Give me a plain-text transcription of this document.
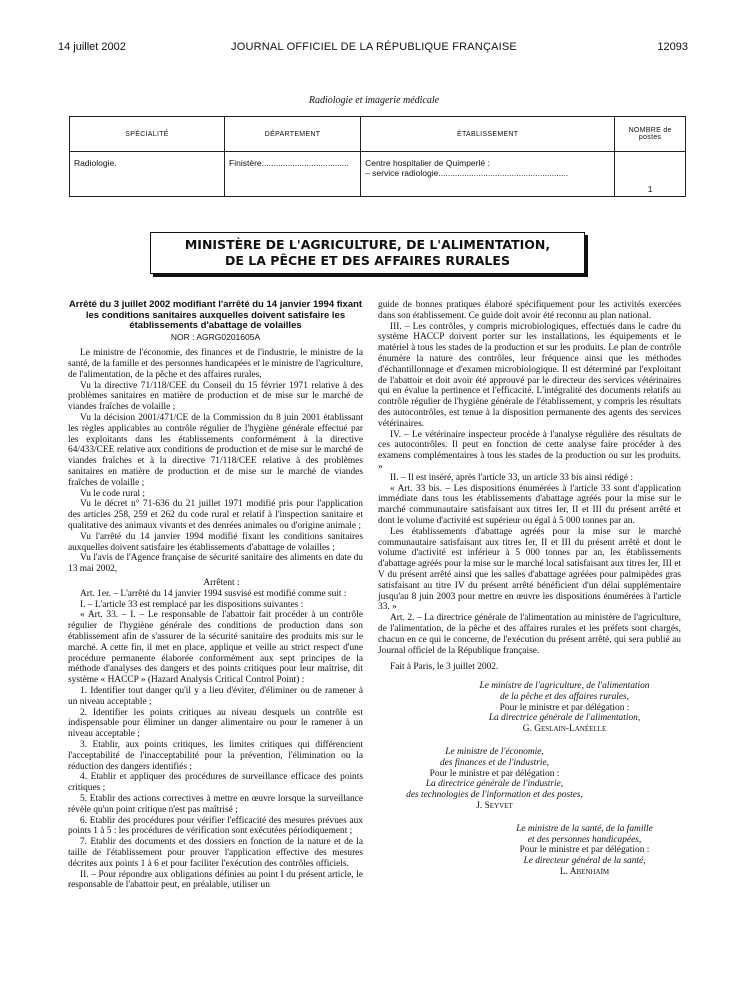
14 juillet 2002	JOURNAL OFFICIEL DE LA RÉPUBLIQUE FRANÇAISE	12093
Radiologie et imagerie médicale
SPÉCIALITÉ	DÉPARTEMENT	ÉTABLISSEMENT	NOMBRE de postes
Radiologie.	Finistère.....................................	Centre hospitalier de Quimperlé :
– service radiologie.......................................................	1
MINISTÈRE DE L'AGRICULTURE, DE L'ALIMENTATION,
DE LA PÊCHE ET DES AFFAIRES RURALES
Arrêté du 3 juillet 2002 modifiant l'arrêté du 14 janvier 1994 fixant les conditions sanitaires auxquelles doivent satisfaire les établissements d'abattage de volailles
NOR : AGRG0201605A

Le ministre de l'économie, des finances et de l'industrie, le ministre de la santé, de la famille et des personnes handicapées et le ministre de l'agriculture, de l'alimentation, de la pêche et des affaires rurales,

Vu la directive 71/118/CEE du Conseil du 15 février 1971 relative à des problèmes sanitaires en matière de production et de mise sur le marché de viandes fraîches de volaille ;

Vu la décision 2001/471/CE de la Commission du 8 juin 2001 établissant les règles applicables au contrôle régulier de l'hygiène générale effectué par les exploitants dans les établissements conformément à la directive 64/433/CEE relative aux conditions de production et de mise sur le marché de viandes fraîches et à la directive 71/118/CEE relative à des problèmes sanitaires en matière de production et de mise sur le marché de viandes fraîches de volaille ;

Vu le code rural ;

Vu le décret n° 71-636 du 21 juillet 1971 modifié pris pour l'application des articles 258, 259 et 262 du code rural et relatif à l'inspection sanitaire et qualitative des animaux vivants et des denrées animales ou d'origine animale ;

Vu l'arrêté du 14 janvier 1994 modifié fixant les conditions sanitaires auxquelles doivent satisfaire les établissements d'abattage de volailles ;

Vu l'avis de l'Agence française de sécurité sanitaire des aliments en date du 13 mai 2002,

Arrêtent :

Art. 1er. – L'arrêté du 14 janvier 1994 susvisé est modifié comme suit :

I. – L'article 33 est remplacé par les dispositions suivantes :

« Art. 33. – I. – Le responsable de l'abattoir fait procéder à un contrôle régulier de l'hygiène générale des conditions de production dans son établissement afin de s'assurer de la sécurité sanitaire des produits mis sur le marché. A cette fin, il met en place, applique et veille au strict respect d'une procédure permanente élaborée conformément aux sept principes de la méthode d'analyses des dangers et des points critiques pour leur maîtrise, dit système « HACCP » (Hazard Analysis Critical Control Point) :

1. Identifier tout danger qu'il y a lieu d'éviter, d'éliminer ou de ramener à un niveau acceptable ;

2. Identifier les points critiques au niveau desquels un contrôle est indispensable pour éliminer un danger alimentaire ou pour le ramener à un niveau acceptable ;

3. Etablir, aux points critiques, les limites critiques qui différencient l'acceptabilité de l'inacceptabilité pour la prévention, l'élimination ou la réduction des dangers identifiés ;

4. Etablir et appliquer des procédures de surveillance efficace des points critiques ;

5. Etablir des actions correctives à mettre en œuvre lorsque la surveillance révèle qu'un point critique n'est pas maîtrisé ;

6. Etablir des procédures pour vérifier l'efficacité des mesures prévues aux points 1 à 5 : les procédures de vérification sont exécutées périodiquement ;

7. Etablir des documents et des dossiers en fonction de la nature et de la taille de l'établissement pour prouver l'application effective des mesures décrites aux points 1 à 6 et pour faciliter l'exécution des contrôles officiels.

II. – Pour répondre aux obligations définies au point I du présent article, le responsable de l'abattoir peut, en préalable, utiliser un

guide de bonnes pratiques élaboré spécifiquement pour les activités exercées dans son établissement. Ce guide doit avoir été reconnu au plan national.

III. – Les contrôles, y compris microbiologiques, effectués dans le cadre du système HACCP doivent porter sur les installations, les équipements et le matériel à tous les stades de la production et sur les produits. Le plan de contrôle énumère la nature des contrôles, leur fréquence ainsi que les méthodes d'échantillonnage et d'examen microbiologique. Il est déterminé par l'exploitant de l'abattoir et doit avoir été approuvé par le directeur des services vétérinaires qui en évalue la pertinence et l'efficacité. L'intégralité des documents relatifs au contrôle régulier de l'hygiène générale de l'établissement, y compris les résultats des autocontrôles, est tenue à la disposition permanente des agents des services vétérinaires.

IV. – Le vétérinaire inspecteur procède à l'analyse régulière des résultats de ces autocontrôles. Il peut en fonction de cette analyse faire procéder à des examens complémentaires à tous les stades de la production ou sur les produits. »

II. – Il est inséré, après l'article 33, un article 33 bis ainsi rédigé :

« Art. 33 bis. – Les dispositions énumérées à l'article 33 sont d'application immédiate dans tous les établissements d'abattage agréés pour la mise sur le marché communautaire satisfaisant aux titres Ier, II et III du présent arrêté et dont le volume d'activité est supérieur ou égal à 5 000 tonnes par an.

Les établissements d'abattage agréés pour la mise sur le marché communautaire satisfaisant aux titres Ier, II et III du présent arrêté et dont le volume d'activité est inférieur à 5 000 tonnes par an, les établissements d'abattage agréés pour la mise sur le marché local satisfaisant aux titres Ier, III et V du présent arrêté ainsi que les salles d'abattage agréées pour palmipèdes gras satisfaisant au titre IV du présent arrêté bénéficient d'un délai supplémentaire jusqu'au 8 juin 2003 pour mettre en œuvre les dispositions énumérées à l'article 33. »

Art. 2. – La directrice générale de l'alimentation au ministère de l'agriculture, de l'alimentation, de la pêche et des affaires rurales et les préfets sont chargés, chacun en ce qui le concerne, de l'exécution du présent arrêté, qui sera publié au Journal officiel de la République française.

Fait à Paris, le 3 juillet 2002.

Le ministre de l'agriculture, de l'alimentation
de la pêche et des affaires rurales,
Pour le ministre et par délégation :
La directrice générale de l'alimentation,
G. Geslain-Lanéelle
Le ministre de l'économie,
des finances et de l'industrie,
Pour le ministre et par délégation :
La directrice générale de l'industrie,
des technologies de l'information et des postes,
J. Seyvet
Le ministre de la santé, de la famille
et des personnes handicapées,
Pour le ministre et par délégation :
Le directeur général de la santé,
L. Abenhaïm
